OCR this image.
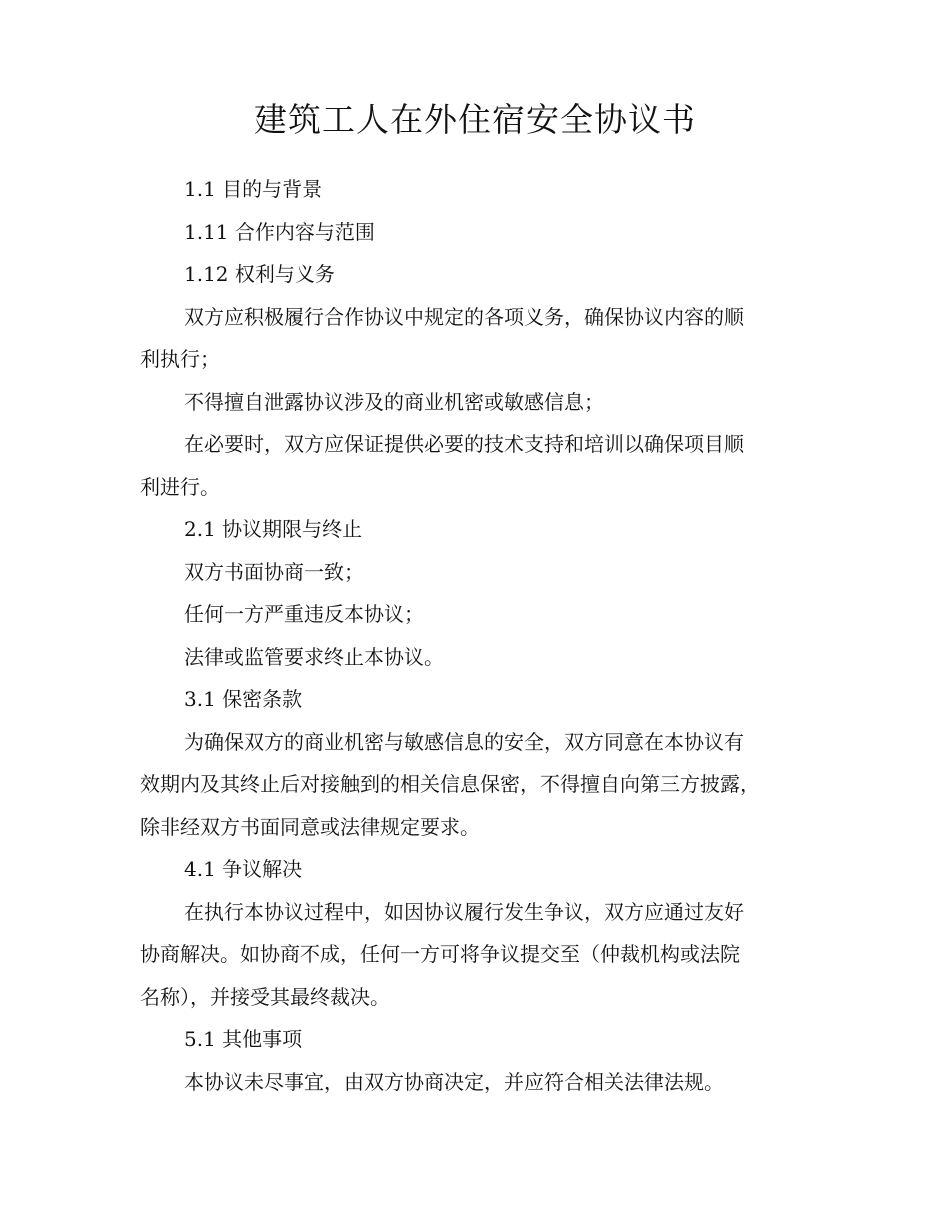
建筑工人在外住宿安全协议书
1.1 目的与背景
1.11 合作内容与范围
1.12 权利与义务
双方应积极履行合作协议中规定的各项义务，确保协议内容的顺
利执行；
不得擅自泄露协议涉及的商业机密或敏感信息；
在必要时，双方应保证提供必要的技术支持和培训以确保项目顺
利进行。
2.1 协议期限与终止
双方书面协商一致；
任何一方严重违反本协议；
法律或监管要求终止本协议。
3.1 保密条款
为确保双方的商业机密与敏感信息的安全，双方同意在本协议有
效期内及其终止后对接触到的相关信息保密，不得擅自向第三方披露，
除非经双方书面同意或法律规定要求。
4.1 争议解决
在执行本协议过程中，如因协议履行发生争议，双方应通过友好
协商解决。如协商不成，任何一方可将争议提交至（仲裁机构或法院
名称），并接受其最终裁决。
5.1 其他事项
本协议未尽事宜，由双方协商决定，并应符合相关法律法规。
